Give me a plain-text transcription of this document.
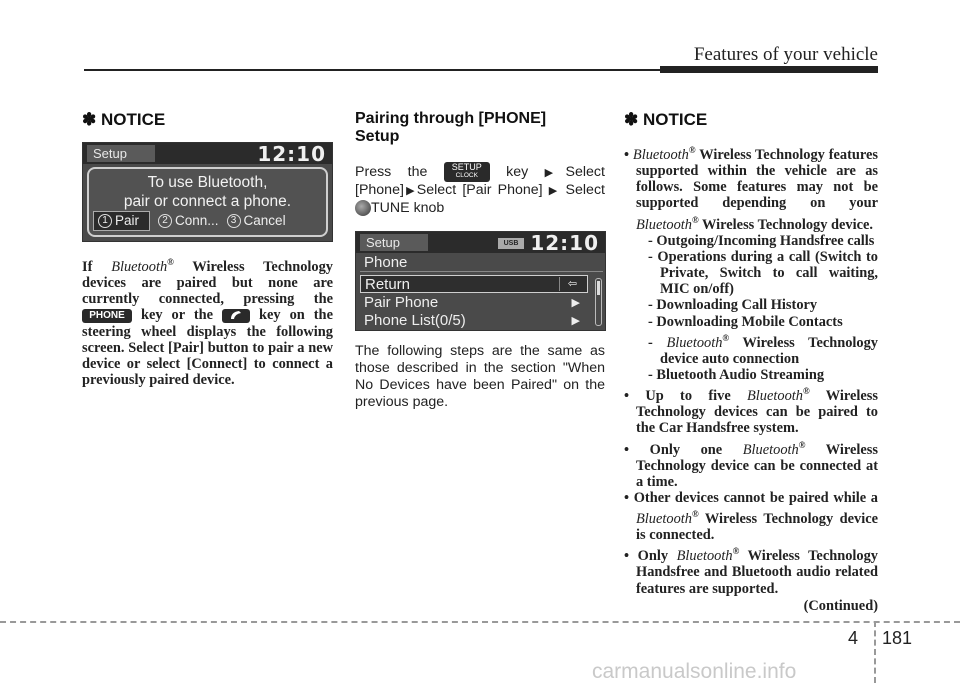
Features of your vehicle
✽ NOTICE
Setup	12:10
To use Bluetooth,
pair or connect a phone.
1 Pair	2 Conn...	3 Cancel

If Bluetooth® Wireless Technology devices are paired but none are currently connected, pressing the PHONE key or the	key on the steering wheel displays the following screen. Select [Pair] button to pair a new device or select [Connect] to connect a previously paired device.

Pairing through [PHONE]
Setup

Press the	SETUP
CLOCK	key ▶Select [Phone]▶Select [Pair Phone] ▶ Select TUNE knob

Setup	USB 12:10
Phone
Return	⇦
Pair Phone	▶
Phone List(0/5)	▶

The following steps are the same as those described in the section "When No Devices have been Paired" on the previous page.

✽ NOTICE
• Bluetooth® Wireless Technology features supported within the vehicle are as follows. Some features may not be supported depending on your Bluetooth® Wireless Technology device.
- Outgoing/Incoming Handsfree calls
- Operations during a call (Switch to Private, Switch to call waiting, MIC on/off)
- Downloading Call History
- Downloading Mobile Contacts
- Bluetooth® Wireless Technology device auto connection
- Bluetooth Audio Streaming
• Up to five Bluetooth® Wireless Technology devices can be paired to the Car Handsfree system.
• Only one Bluetooth® Wireless Technology device can be connected at a time.
• Other devices cannot be paired while a Bluetooth® Wireless Technology device is connected.
• Only Bluetooth® Wireless Technology Handsfree and Bluetooth audio related features are supported.
(Continued)
4 181
carmanualsonline.info
